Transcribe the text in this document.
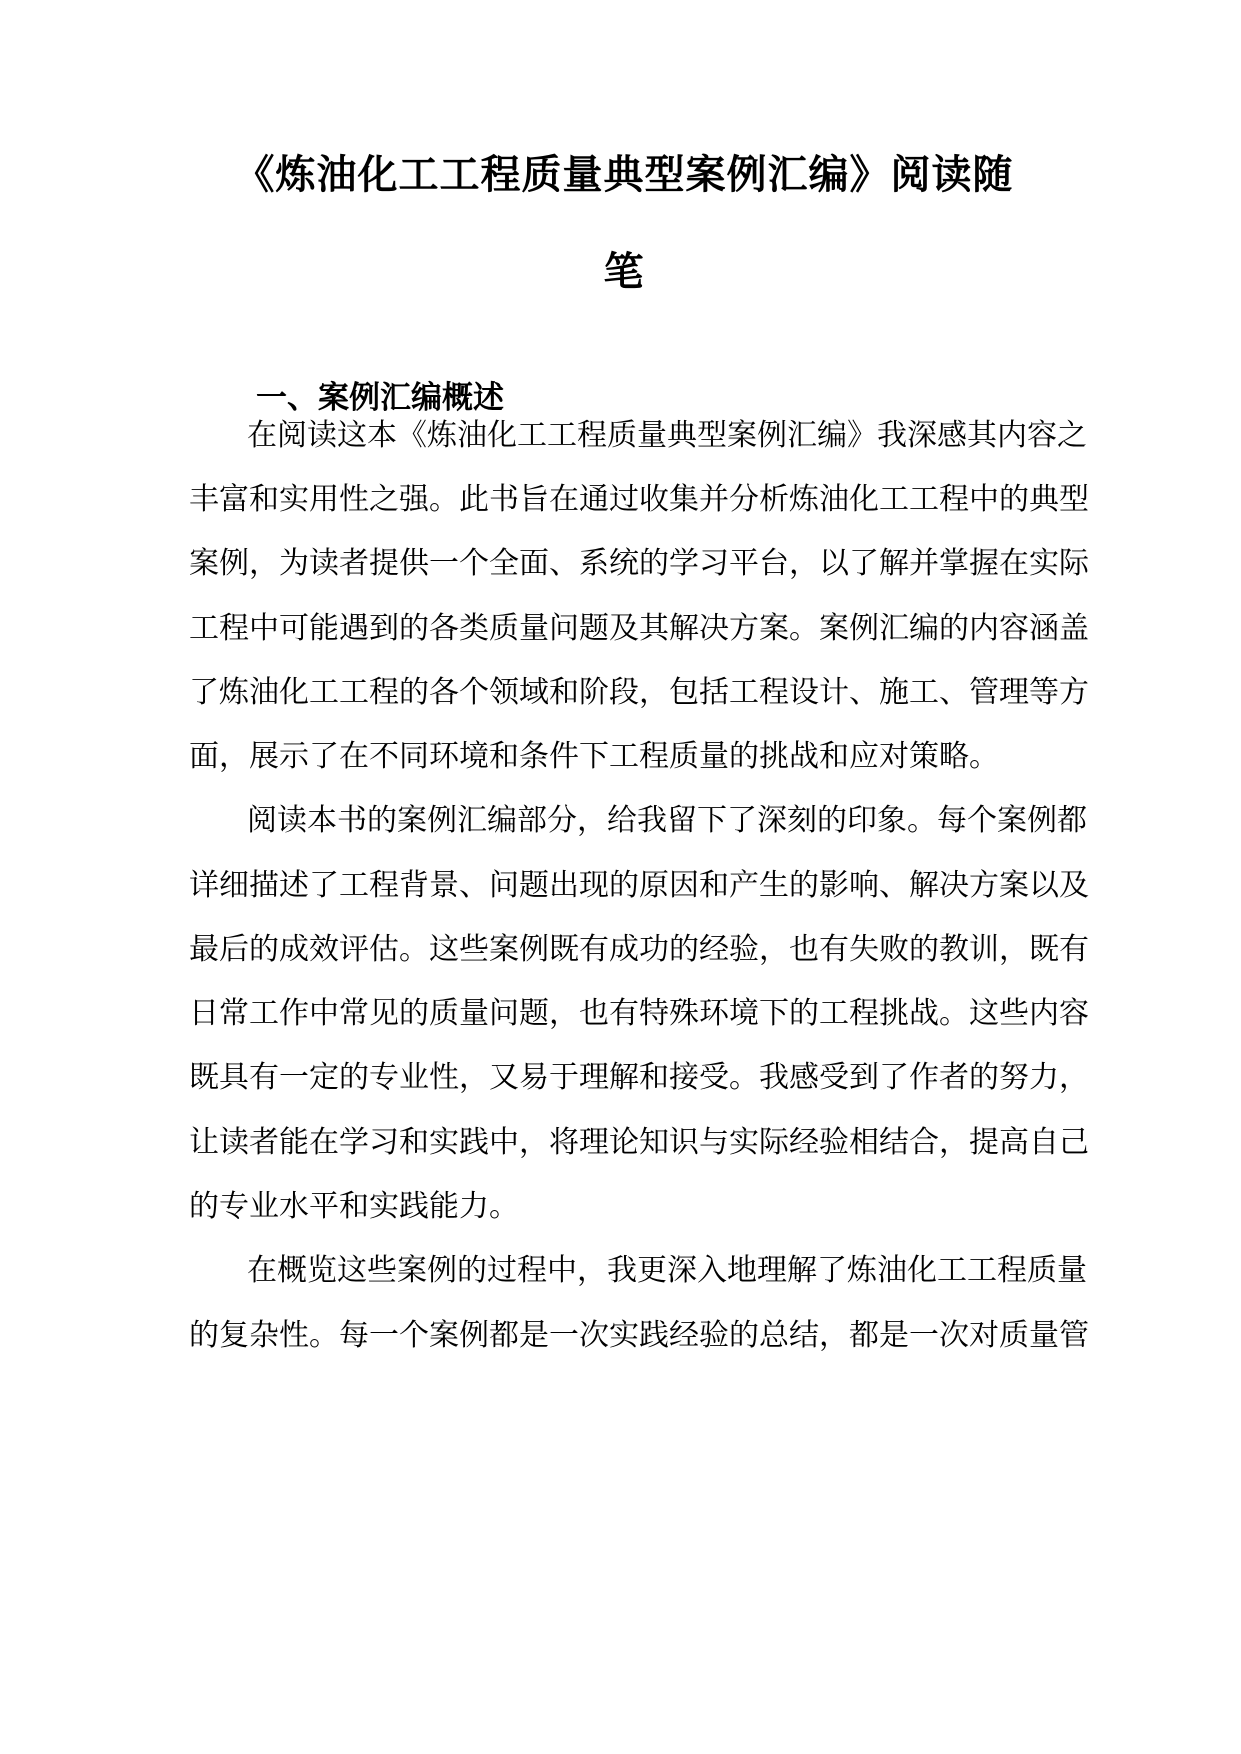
《炼油化工工程质量典型案例汇编》阅读随
笔
一、案例汇编概述

在阅读这本《炼油化工工程质量典型案例汇编》我深感其内容之

丰富和实用性之强。此书旨在通过收集并分析炼油化工工程中的典型

案例，为读者提供一个全面、系统的学习平台，以了解并掌握在实际

工程中可能遇到的各类质量问题及其解决方案。案例汇编的内容涵盖

了炼油化工工程的各个领域和阶段，包括工程设计、施工、管理等方

面，展示了在不同环境和条件下工程质量的挑战和应对策略。

阅读本书的案例汇编部分，给我留下了深刻的印象。每个案例都

详细描述了工程背景、问题出现的原因和产生的影响、解决方案以及

最后的成效评估。这些案例既有成功的经验，也有失败的教训，既有

日常工作中常见的质量问题，也有特殊环境下的工程挑战。这些内容

既具有一定的专业性，又易于理解和接受。我感受到了作者的努力，

让读者能在学习和实践中，将理论知识与实际经验相结合，提高自己

的专业水平和实践能力。

在概览这些案例的过程中，我更深入地理解了炼油化工工程质量

的复杂性。每一个案例都是一次实践经验的总结，都是一次对质量管
